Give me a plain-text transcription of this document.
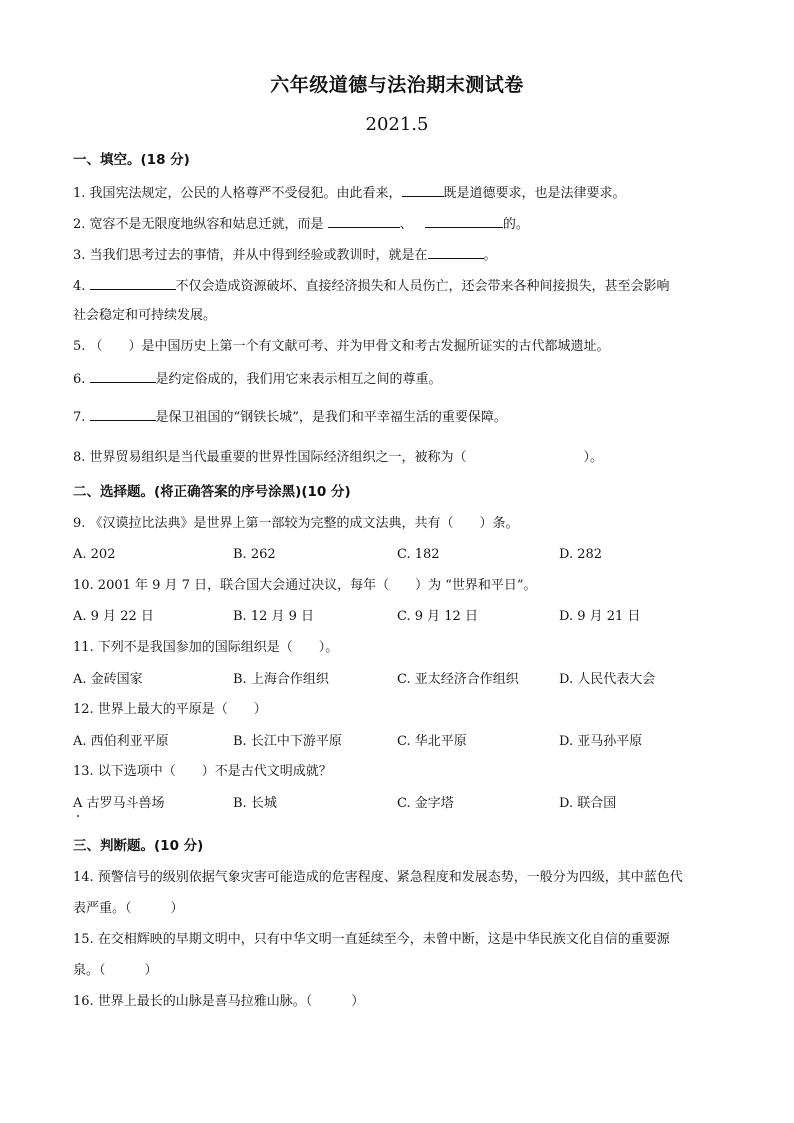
六年级道德与法治期末测试卷
2021.5
一、填空。(18 分)
1. 我国宪法规定，公民的人格尊严不受侵犯。由此看来，	既是道德要求，也是法律要求。
2. 宽容不是无限度地纵容和姑息迁就，而是	、	的。
3. 当我们思考过去的事情，并从中得到经验或教训时，就是在	。
4.	不仅会造成资源破坏、直接经济损失和人员伤亡，还会带来各种间接损失，甚至会影响
社会稳定和可持续发展。
5. （　　）是中国历史上第一个有文献可考、并为甲骨文和考古发掘所证实的古代都城遗址。
6.	是约定俗成的，我们用它来表示相互之间的尊重。
7.	是保卫祖国的“钢铁长城”，是我们和平幸福生活的重要保障。
8. 世界贸易组织是当代最重要的世界性国际经济组织之一，被称为（　　　　　　　　　）。
二、选择题。(将正确答案的序号涂黑)(10 分)
9. 《汉谟拉比法典》是世界上第一部较为完整的成文法典，共有（　　）条。
A. 202	B. 262	C. 182	D. 282
10. 2001 年 9 月 7 日，联合国大会通过决议，每年（　　）为 “世界和平日”。
A. 9 月 22 日	B. 12 月 9 日	C. 9 月 12 日	D. 9 月 21 日
11. 下列不是我国参加的国际组织是（　　）。
A. 金砖国家	B. 上海合作组织	C. 亚太经济合作组织	D. 人民代表大会
12. 世界上最大的平原是（　　）
A. 西伯利亚平原	B. 长江中下游平原	C. 华北平原	D. 亚马孙平原
13. 以下选项中（　　）不是古代文明成就？
A 古罗马斗兽场	B. 长城	C. 金字塔	D. 联合国
三、判断题。(10 分)
14. 预警信号的级别依据气象灾害可能造成的危害程度、紧急程度和发展态势，一般分为四级，其中蓝色代
表严重。（　　　）
15. 在交相辉映的早期文明中，只有中华文明一直延续至今，未曾中断，这是中华民族文化自信的重要源
泉。（　　　）
16. 世界上最长的山脉是喜马拉雅山脉。（　　　）
